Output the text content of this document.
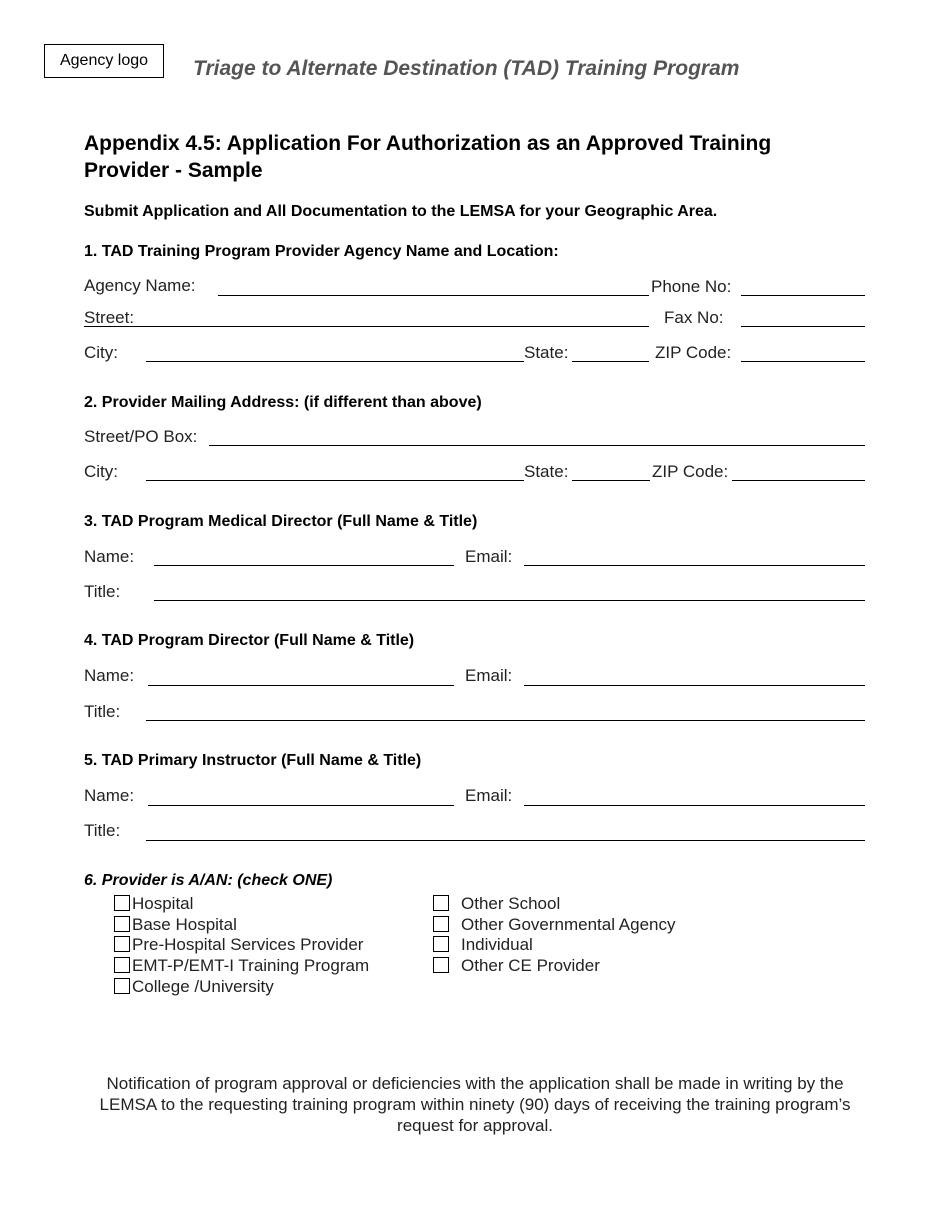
Agency logo	Triage to Alternate Destination (TAD) Training Program
Appendix 4.5: Application For Authorization as an Approved Training
Provider - Sample
Submit Application and All Documentation to the LEMSA for your Geographic Area.
1. TAD Training Program Provider Agency Name and Location:
Agency Name:	Phone No:
Street:	Fax No:
City:	State:	ZIP Code:
2. Provider Mailing Address: (if different than above)
Street/PO Box:
City:	State:	ZIP Code:
3. TAD Program Medical Director (Full Name & Title)
Name:	Email:
Title:
4. TAD Program Director (Full Name & Title)
Name:	Email:
Title:
5. TAD Primary Instructor (Full Name & Title)
Name:	Email:
Title:
6. Provider is A/AN: (check ONE)
Hospital
Base Hospital
Pre-Hospital Services Provider
EMT-P/EMT-I Training Program
College /University
Other School
Other Governmental Agency
Individual
Other CE Provider
Notification of program approval or deficiencies with the application shall be made in writing by the LEMSA to the requesting training program within ninety (90) days of receiving the training program’s request for approval.
